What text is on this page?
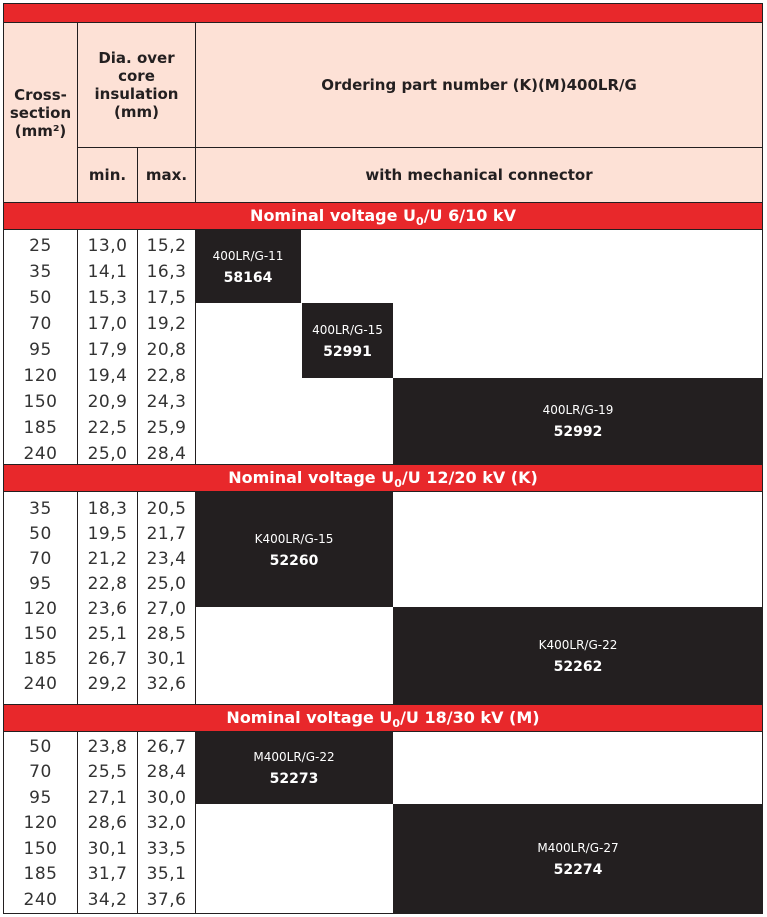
Cross-
section
(mm²)
Dia. over
core
insulation
(mm)
min.	max.
Ordering part number (K)(M)400LR/G
with mechanical connector
Nominal voltage $U_0/U$ 6/10 kV
15,2
16,3
17,5
19,2
20,8
22,8
24,3
25,9
28,4
13,0
14,1
15,3
17,0
17,9
19,4
20,9
22,5
25,0
25
35
50
70
95
120
150
185
240
400LR/G-11
58164
400LR/G-15
52991
400LR/G-19
52992
Nominal voltage $U_0/U$ 12/20 kV (K)
20,5
21,7
23,4
25,0
27,0
28,5
30,1
32,6
18,3
19,5
21,2
22,8
23,6
25,1
26,7
29,2
35
50
70
95
120
150
185
240
K400LR/G-15
52260
K400LR/G-22
52262
Nominal voltage $U_0/U$ 18/30 kV (M)
26,7
28,4
30,0
32,0
33,5
35,1
37,6
23,8
25,5
27,1
28,6
30,1
31,7
34,2
50
70
95
120
150
185
240
M400LR/G-22
52273
M400LR/G-27
52274
